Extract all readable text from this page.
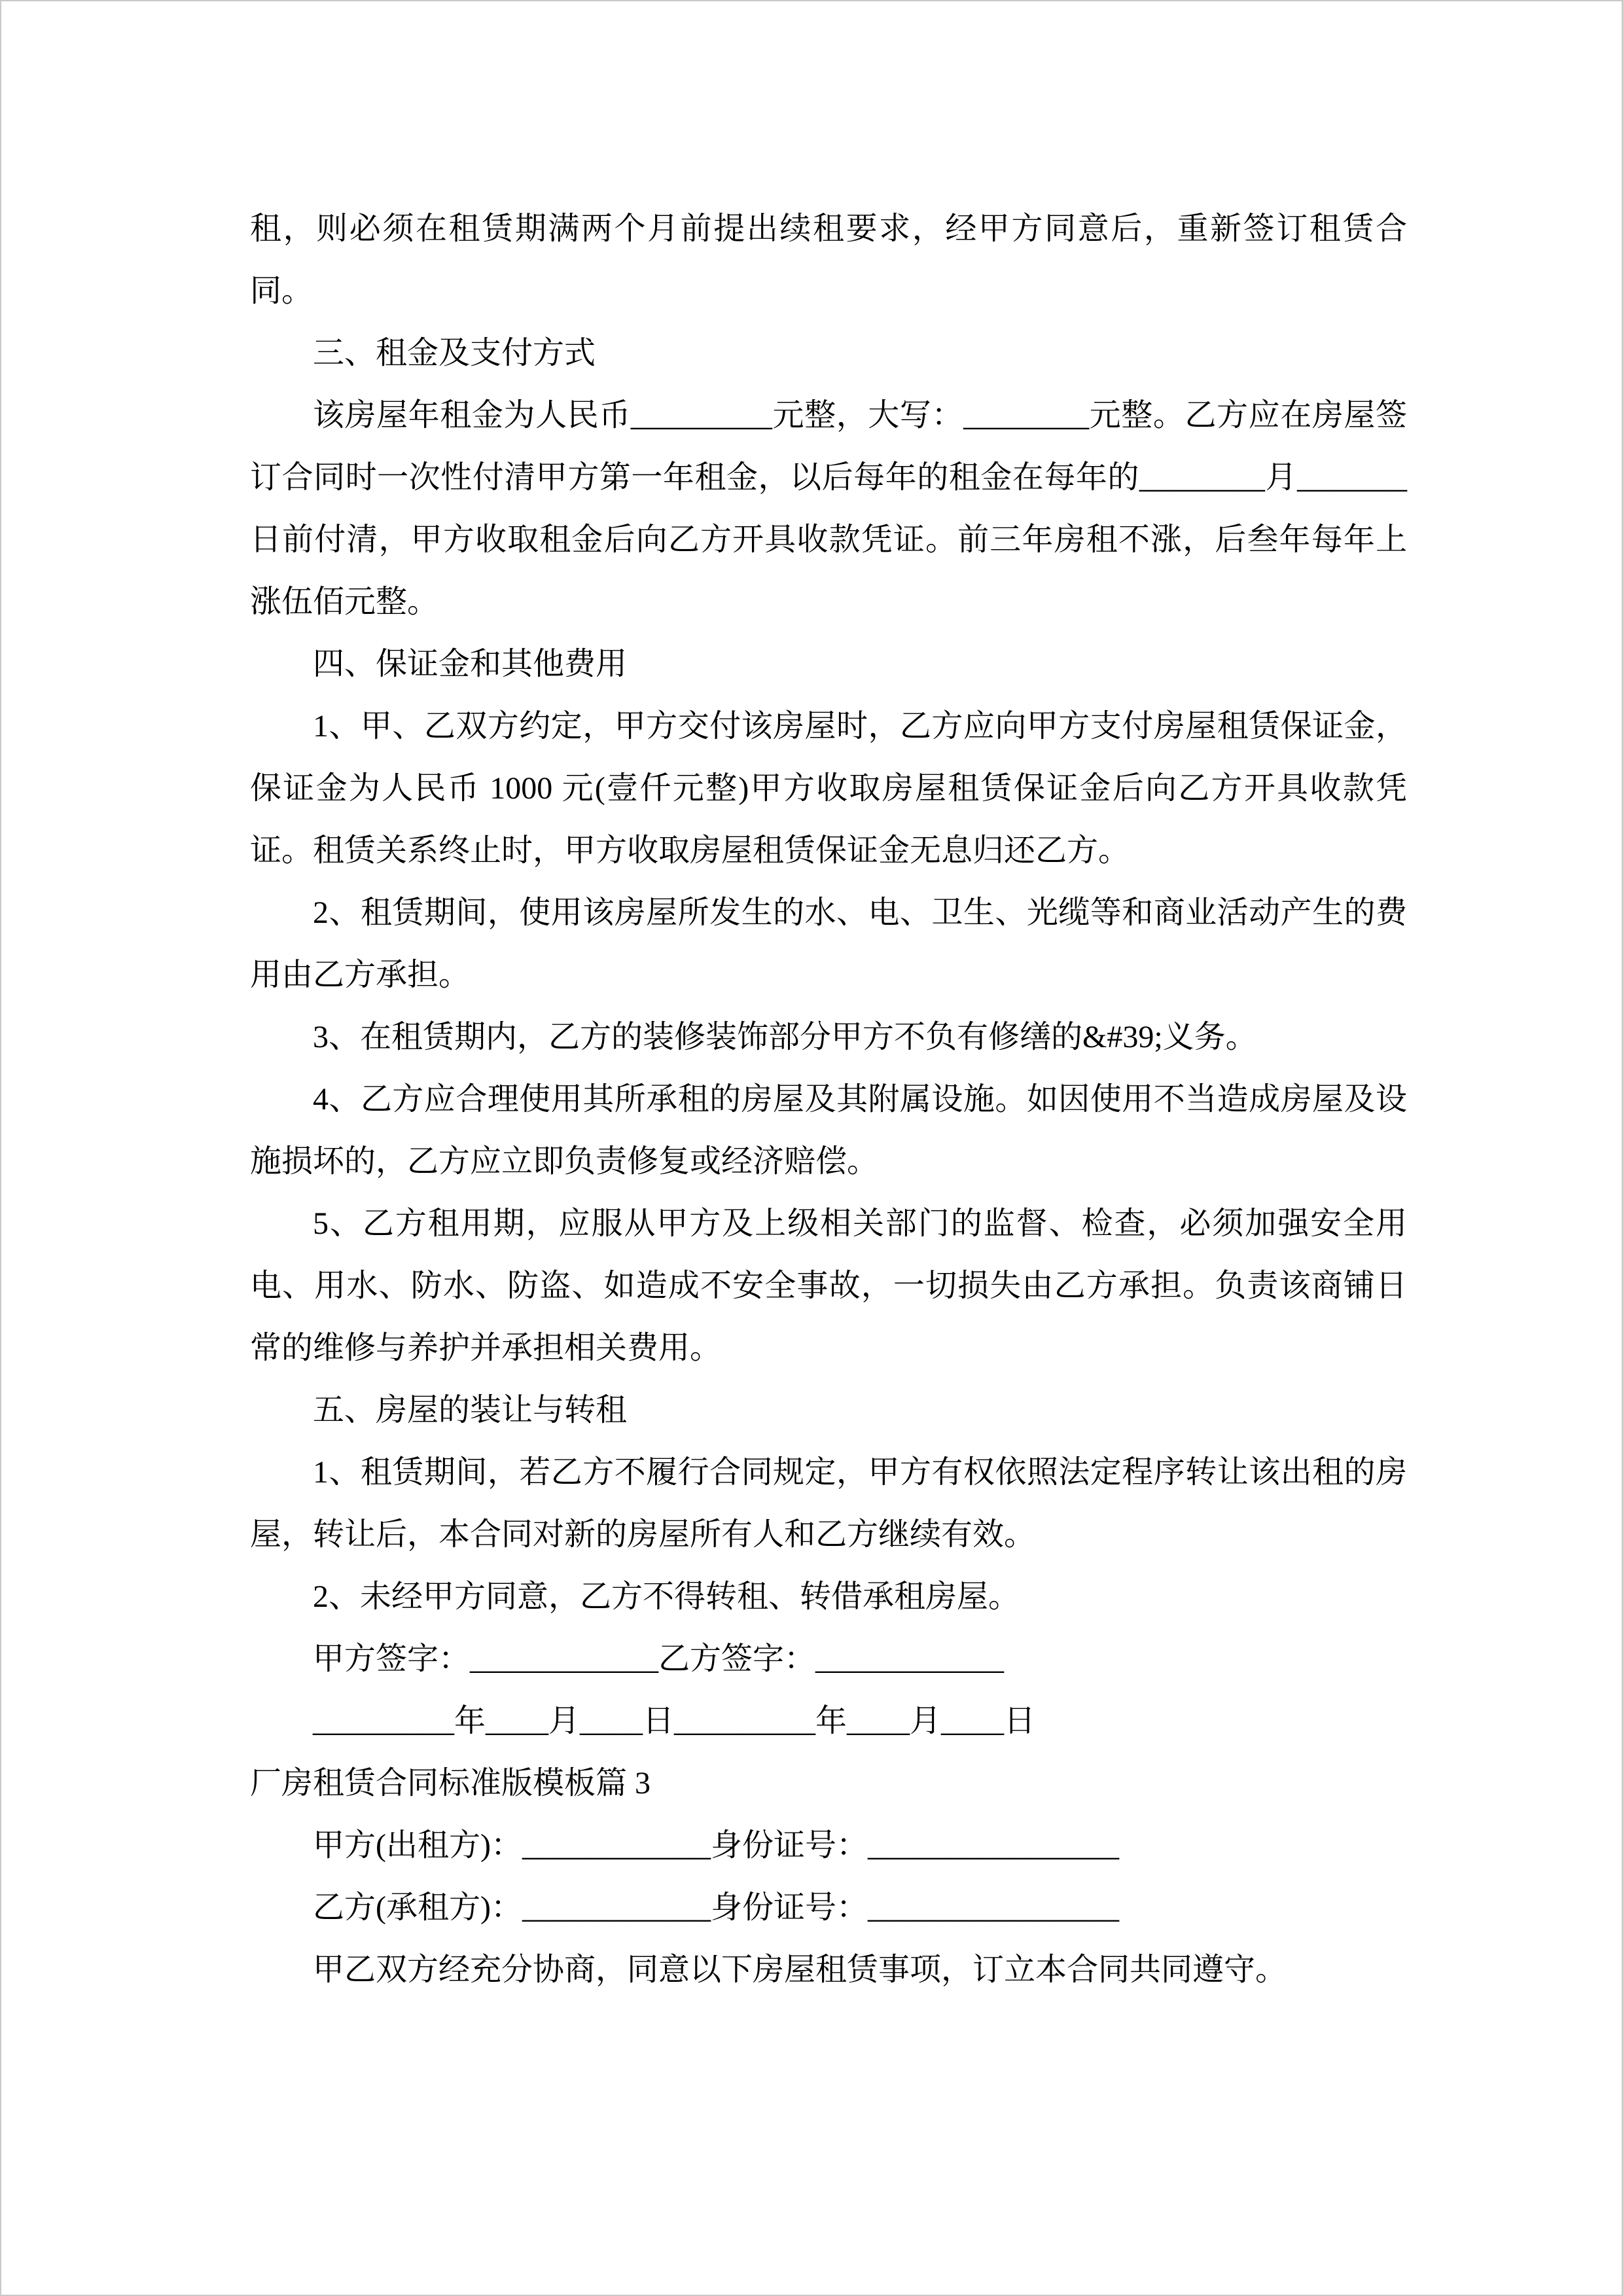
租，则必须在租赁期满两个月前提出续租要求，经甲方同意后，重新签订租赁合同。

三、租金及支付方式

该房屋年租金为人民币_________元整，大写：________元整。乙方应在房屋签订合同时一次性付清甲方第一年租金，以后每年的租金在每年的________月_______日前付清，甲方收取租金后向乙方开具收款凭证。前三年房租不涨，后叁年每年上涨伍佰元整。

四、保证金和其他费用

1、甲、乙双方约定，甲方交付该房屋时，乙方应向甲方支付房屋租赁保证金，保证金为人民币 1000 元(壹仟元整)甲方收取房屋租赁保证金后向乙方开具收款凭证。租赁关系终止时，甲方收取房屋租赁保证金无息归还乙方。

2、租赁期间，使用该房屋所发生的水、电、卫生、光缆等和商业活动产生的费用由乙方承担。

3、在租赁期内，乙方的装修装饰部分甲方不负有修缮的&#39;义务。

4、乙方应合理使用其所承租的房屋及其附属设施。如因使用不当造成房屋及设施损坏的，乙方应立即负责修复或经济赔偿。

5、乙方租用期，应服从甲方及上级相关部门的监督、检查，必须加强安全用电、用水、防水、防盗、如造成不安全事故，一切损失由乙方承担。负责该商铺日常的维修与养护并承担相关费用。

五、房屋的装让与转租

1、租赁期间，若乙方不履行合同规定，甲方有权依照法定程序转让该出租的房屋，转让后，本合同对新的房屋所有人和乙方继续有效。

2、未经甲方同意，乙方不得转租、转借承租房屋。

甲方签字：____________乙方签字：____________

_________年____月____日_________年____月____日

厂房租赁合同标准版模板篇 3

甲方(出租方)：____________身份证号：________________

乙方(承租方)：____________身份证号：________________

甲乙双方经充分协商，同意以下房屋租赁事项，订立本合同共同遵守。
